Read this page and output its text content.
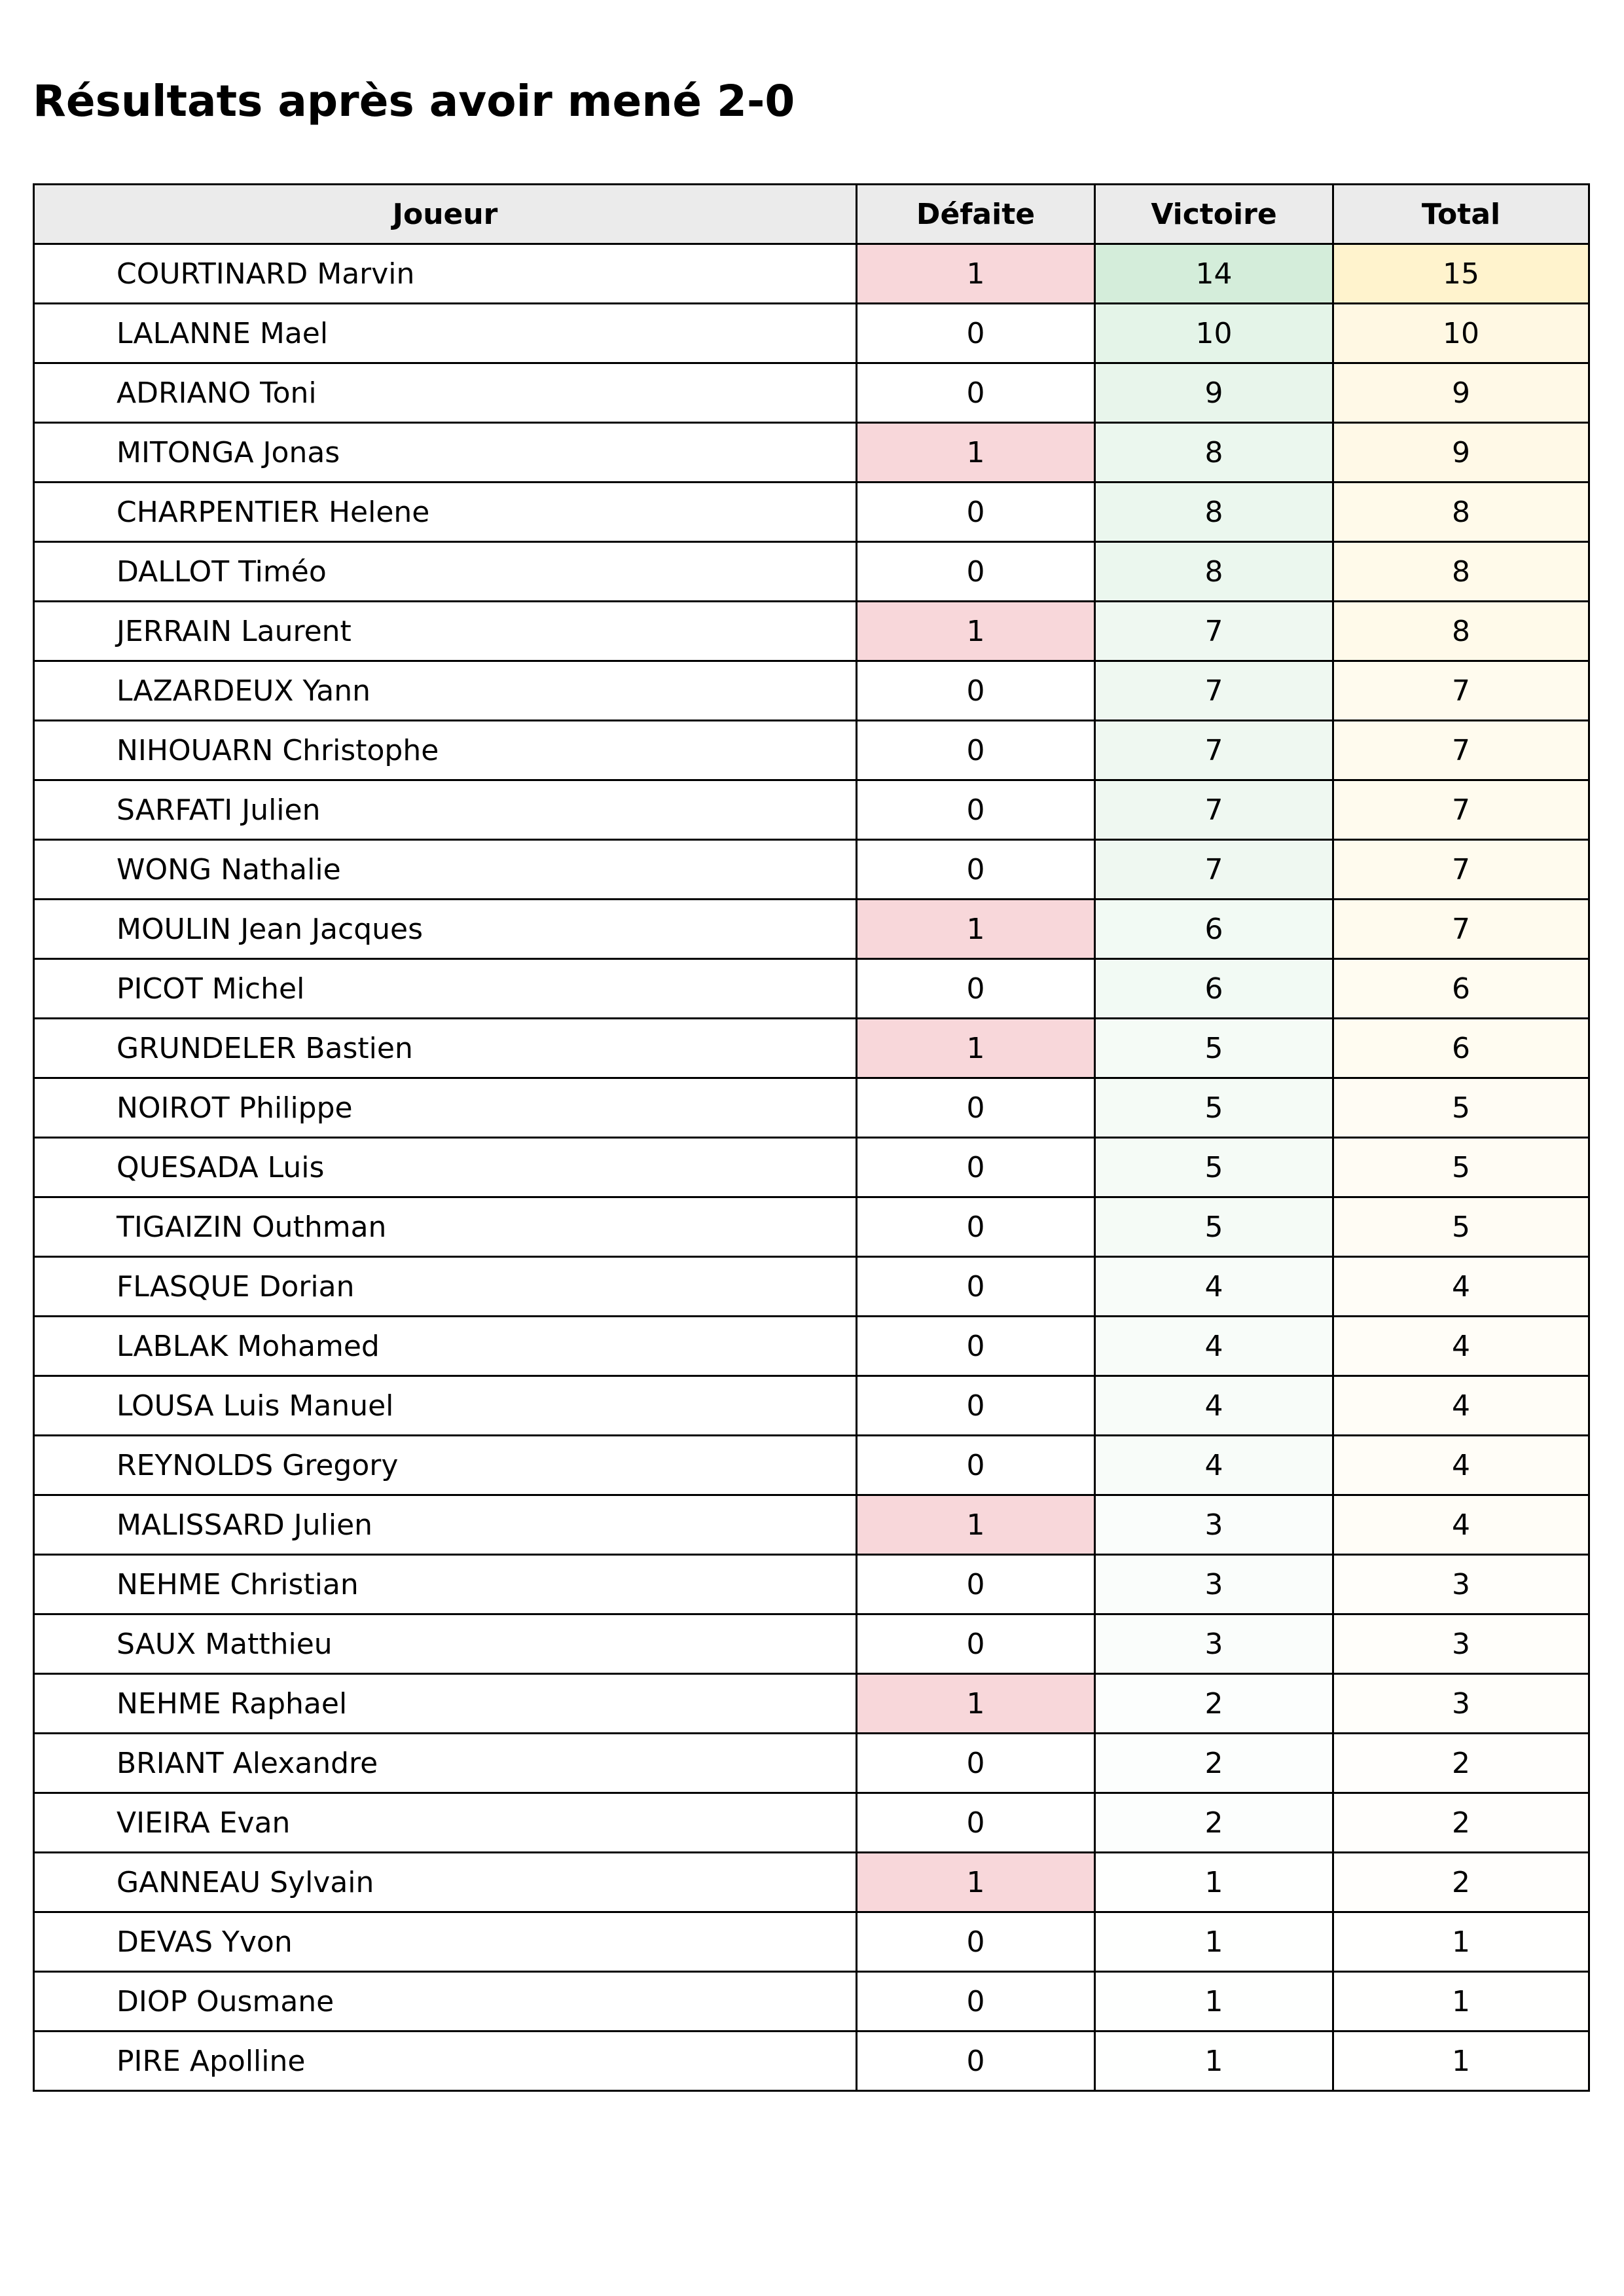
Résultats après avoir mené 2-0
Joueur	Défaite	Victoire	Total
COURTINARD Marvin	1	14	15
LALANNE Mael	0	10	10
ADRIANO Toni	0	9	9
MITONGA Jonas	1	8	9
CHARPENTIER Helene	0	8	8
DALLOT Timéo	0	8	8
JERRAIN Laurent	1	7	8
LAZARDEUX Yann	0	7	7
NIHOUARN Christophe	0	7	7
SARFATI Julien	0	7	7
WONG Nathalie	0	7	7
MOULIN Jean Jacques	1	6	7
PICOT Michel	0	6	6
GRUNDELER Bastien	1	5	6
NOIROT Philippe	0	5	5
QUESADA Luis	0	5	5
TIGAIZIN Outhman	0	5	5
FLASQUE Dorian	0	4	4
LABLAK Mohamed	0	4	4
LOUSA Luis Manuel	0	4	4
REYNOLDS Gregory	0	4	4
MALISSARD Julien	1	3	4
NEHME Christian	0	3	3
SAUX Matthieu	0	3	3
NEHME Raphael	1	2	3
BRIANT Alexandre	0	2	2
VIEIRA Evan	0	2	2
GANNEAU Sylvain	1	1	2
DEVAS Yvon	0	1	1
DIOP Ousmane	0	1	1
PIRE Apolline	0	1	1
